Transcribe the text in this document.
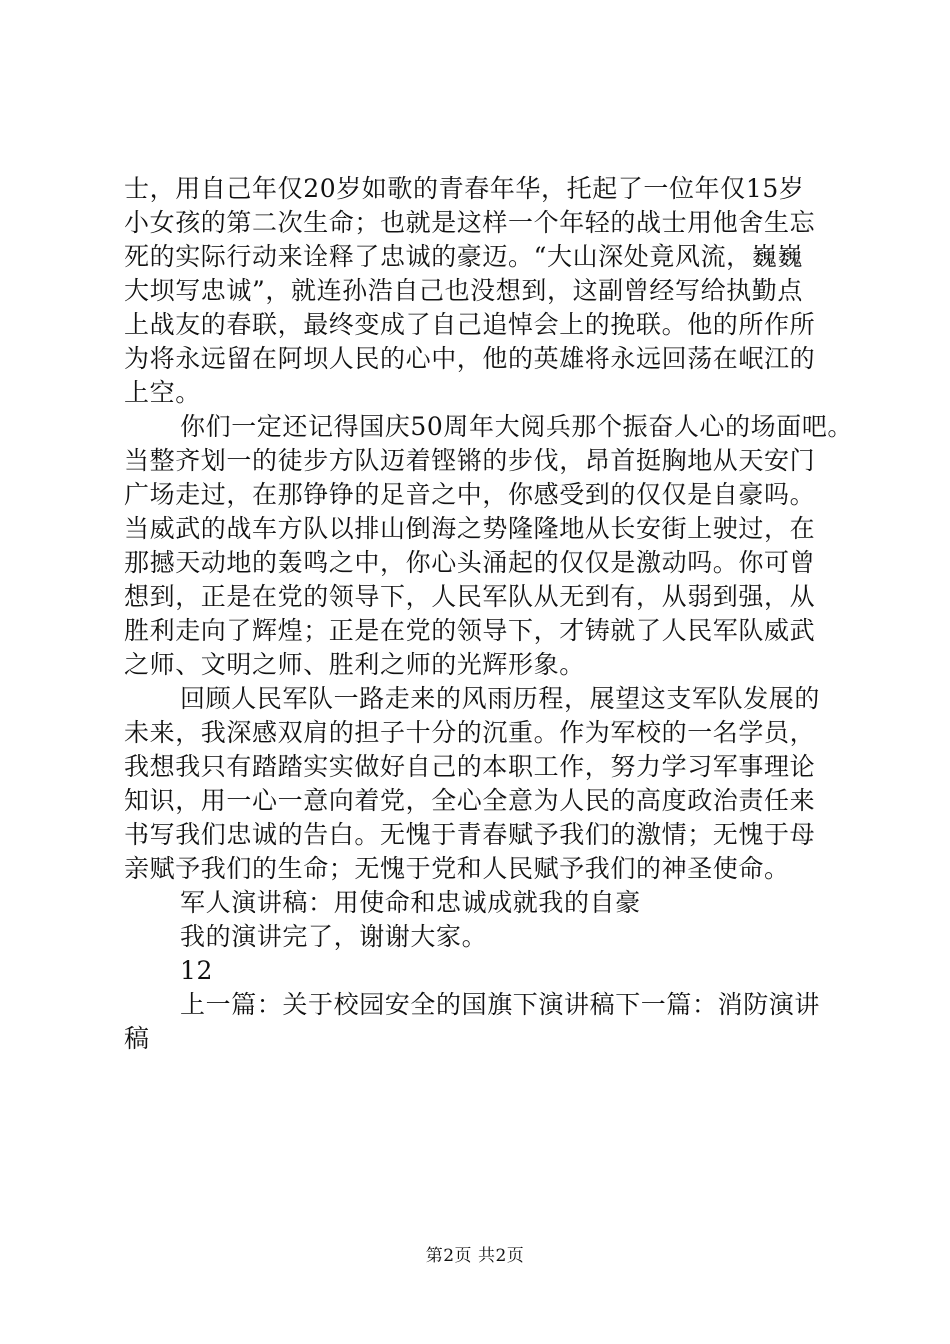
士，用自己年仅20岁如歌的青春年华，托起了一位年仅15岁
小女孩的第二次生命；也就是这样一个年轻的战士用他舍生忘
死的实际行动来诠释了忠诚的豪迈。“大山深处竟风流，巍巍
大坝写忠诚”，就连孙浩自己也没想到，这副曾经写给执勤点
上战友的春联，最终变成了自己追悼会上的挽联。他的所作所
为将永远留在阿坝人民的心中，他的英雄将永远回荡在岷江的
上空。
你们一定还记得国庆50周年大阅兵那个振奋人心的场面吧。
当整齐划一的徒步方队迈着铿锵的步伐，昂首挺胸地从天安门
广场走过，在那铮铮的足音之中，你感受到的仅仅是自豪吗。
当威武的战车方队以排山倒海之势隆隆地从长安街上驶过，在
那撼天动地的轰鸣之中，你心头涌起的仅仅是激动吗。你可曾
想到，正是在党的领导下，人民军队从无到有，从弱到强，从
胜利走向了辉煌；正是在党的领导下，才铸就了人民军队威武
之师、文明之师、胜利之师的光辉形象。
回顾人民军队一路走来的风雨历程，展望这支军队发展的
未来，我深感双肩的担子十分的沉重。作为军校的一名学员，
我想我只有踏踏实实做好自己的本职工作，努力学习军事理论
知识，用一心一意向着党，全心全意为人民的高度政治责任来
书写我们忠诚的告白。无愧于青春赋予我们的激情；无愧于母
亲赋予我们的生命；无愧于党和人民赋予我们的神圣使命。
军人演讲稿：用使命和忠诚成就我的自豪
我的演讲完了，谢谢大家。
12
上一篇：关于校园安全的国旗下演讲稿下一篇：消防演讲
稿
第2页 共2页
